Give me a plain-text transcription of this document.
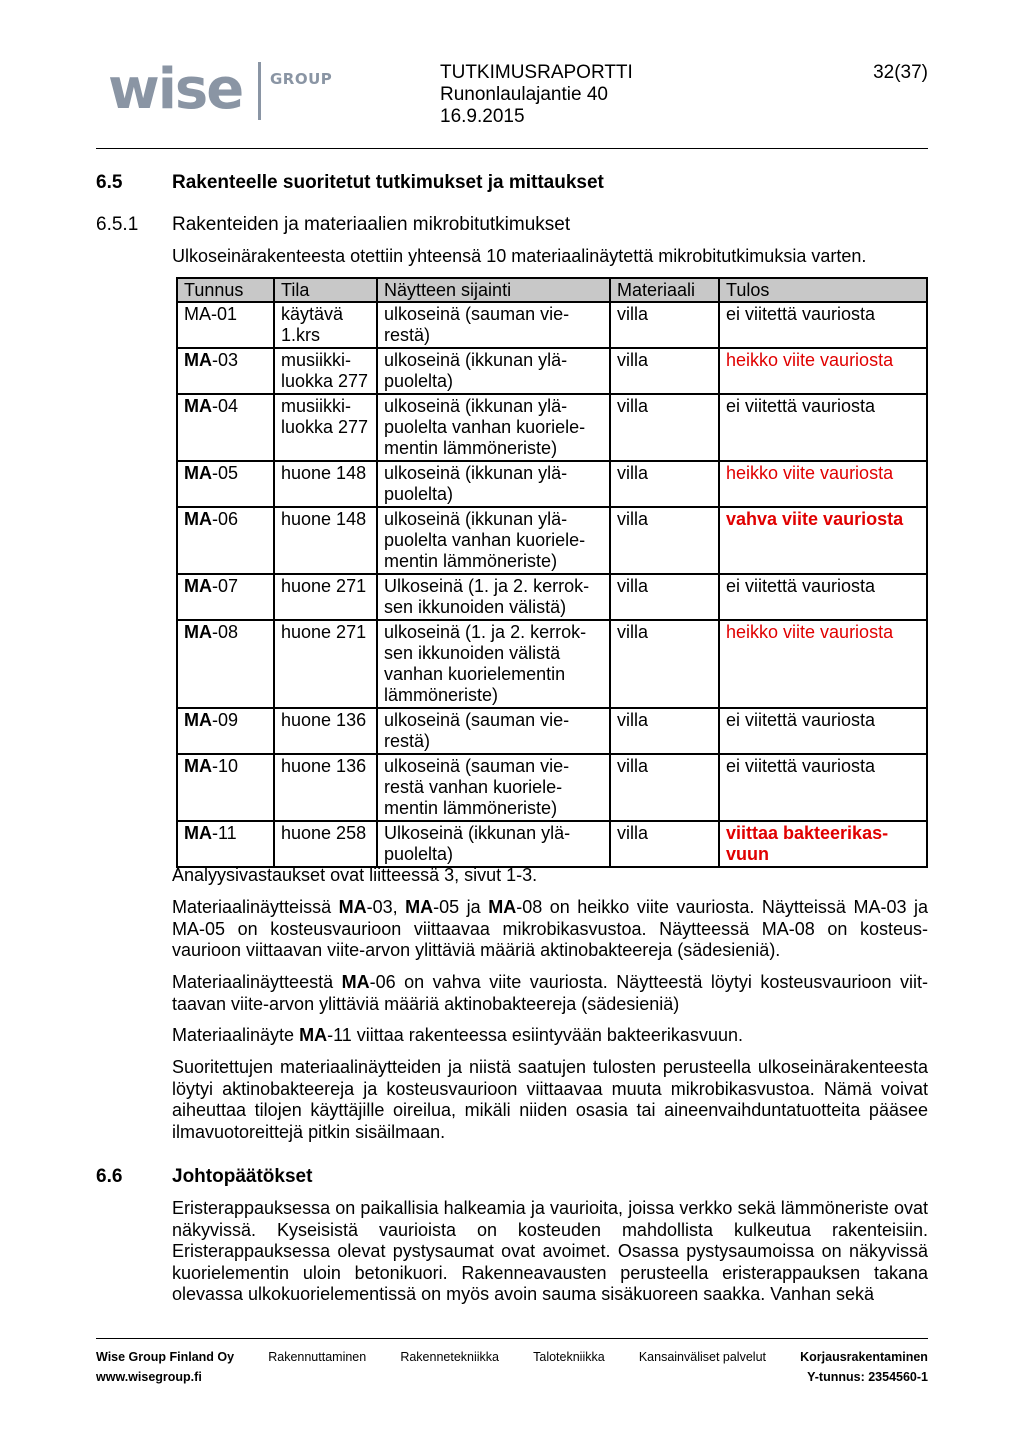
wise GROUP	TUTKIMUSRAPORTTI
Runonlaulajantie 40
16.9.2015
32(37)
6.5	Rakenteelle suoritetut tutkimukset ja mittaukset
6.5.1 Rakenteiden ja materiaalien mikrobitutkimukset
Ulkoseinärakenteesta otettiin yhteensä 10 materiaalinäytettä mikrobitutkimuksia varten.
Tunnus	Tila	Näytteen sijainti	Materiaali	Tulos
MA-01	käytävä 1.krs	ulkoseinä (sauman vie-restä)	villa	ei viitettä vauriosta
MA-03	musiikki-luokka 277	ulkoseinä (ikkunan ylä-puolelta)	villa	heikko viite vauriosta
MA-04	musiikki-luokka 277	ulkoseinä (ikkunan ylä-puolelta vanhan kuoriele-mentin lämmöneriste)	villa	ei viitettä vauriosta
MA-05	huone 148	ulkoseinä (ikkunan ylä-puolelta)	villa	heikko viite vauriosta
MA-06	huone 148	ulkoseinä (ikkunan ylä-puolelta vanhan kuoriele-mentin lämmöneriste)	villa	vahva viite vauriosta
MA-07	huone 271	Ulkoseinä (1. ja 2. kerrok-sen ikkunoiden välistä)	villa	ei viitettä vauriosta
MA-08	huone 271	ulkoseinä (1. ja 2. kerrok-sen ikkunoiden välistä vanhan kuorielementin lämmöneriste)	villa	heikko viite vauriosta
MA-09	huone 136	ulkoseinä (sauman vie-restä)	villa	ei viitettä vauriosta
MA-10	huone 136	ulkoseinä (sauman vie-restä vanhan kuoriele-mentin lämmöneriste)	villa	ei viitettä vauriosta
MA-11	huone 258	Ulkoseinä (ikkunan ylä-puolelta)	villa	viittaa bakteerikas-vuun
Analyysivastaukset ovat liitteessä 3, sivut 1-3.
Materiaalinäytteissä MA-03, MA-05 ja MA-08 on heikko viite vauriosta. Näytteissä MA-03 ja MA-05 on kosteusvaurioon viittaavaa mikrobikasvustoa. Näytteessä MA-08 on kosteus-vaurioon viittaavan viite-arvon ylittäviä määriä aktinobakteereja (sädesieniä).
Materiaalinäytteestä MA-06 on vahva viite vauriosta. Näytteestä löytyi kosteusvaurioon viit-taavan viite-arvon ylittäviä määriä aktinobakteereja (sädesieniä)
Materiaalinäyte MA-11 viittaa rakenteessa esiintyvään bakteerikasvuun.
Suoritettujen materiaalinäytteiden ja niistä saatujen tulosten perusteella ulkoseinärakenteesta löytyi aktinobakteereja ja kosteusvaurioon viittaavaa muuta mikrobikasvustoa. Nämä voivat aiheuttaa tilojen käyttäjille oireilua, mikäli niiden osasia tai aineenvaihduntatuotteita pääsee ilmavuotoreittejä pitkin sisäilmaan.
6.6	Johtopäätökset
Eristerappauksessa on paikallisia halkeamia ja vaurioita, joissa verkko sekä lämmöneriste ovat näkyvissä. Kyseisistä vaurioista on kosteuden mahdollista kulkeutua rakenteisiin. Eristerappauksessa olevat pystysaumat ovat avoimet. Osassa pystysaumoissa on näkyvissä kuorielementin uloin betonikuori. Rakenneavausten perusteella eristerappauksen takana olevassa ulkokuorielementissä on myös avoin sauma sisäkuoreen saakka. Vanhan sekä
Wise Group Finland Oy	Rakennuttaminen	Rakennetekniikka	Talotekniikka	Kansainväliset palvelut	Korjausrakentaminen
www.wisegroup.fi	Y-tunnus: 2354560-1
